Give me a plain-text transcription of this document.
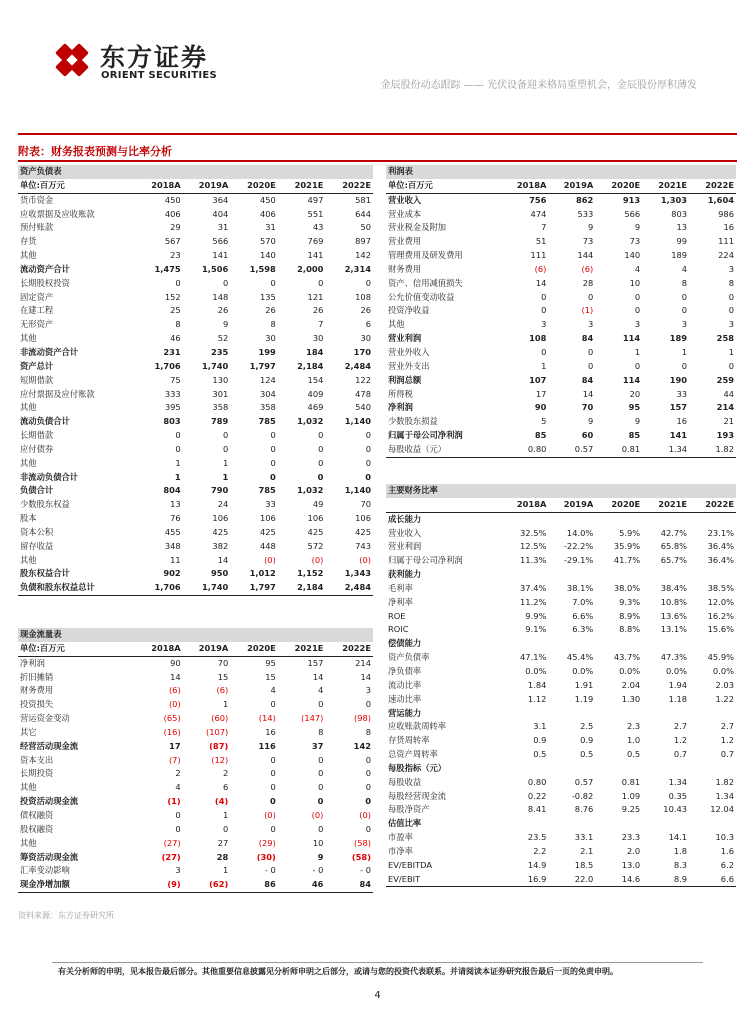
东方证券
ORIENT SECURITIES
金辰股份动态跟踪 —— 光伏设备迎来格局重塑机会，金辰股份厚积薄发
附表：财务报表预测与比率分析
资产负债表					
单位:百万元	2018A	2019A	2020E	2021E	2022E
货币资金	450	364	450	497	581
应收票据及应收账款	406	404	406	551	644
预付账款	29	31	31	43	50
存货	567	566	570	769	897
其他	23	141	140	141	142
流动资产合计	1,475	1,506	1,598	2,000	2,314
长期股权投资	0	0	0	0	0
固定资产	152	148	135	121	108
在建工程	25	26	26	26	26
无形资产	8	9	8	7	6
其他	46	52	30	30	30
非流动资产合计	231	235	199	184	170
资产总计	1,706	1,740	1,797	2,184	2,484
短期借款	75	130	124	154	122
应付票据及应付账款	333	301	304	409	478
其他	395	358	358	469	540
流动负债合计	803	789	785	1,032	1,140
长期借款	0	0	0	0	0
应付债券	0	0	0	0	0
其他	1	1	0	0	0
非流动负债合计	1	1	0	0	0
负债合计	804	790	785	1,032	1,140
少数股东权益	13	24	33	49	70
股本	76	106	106	106	106
资本公积	455	425	425	425	425
留存收益	348	382	448	572	743
其他	11	14	(0)	(0)	(0)
股东权益合计	902	950	1,012	1,152	1,343
负债和股东权益总计	1,706	1,740	1,797	2,184	2,484
现金流量表					
单位:百万元	2018A	2019A	2020E	2021E	2022E
净利润	90	70	95	157	214
折旧摊销	14	15	15	14	14
财务费用	(6)	(6)	4	4	3
投资损失	(0)	1	0	0	0
营运资金变动	(65)	(60)	(14)	(147)	(98)
其它	(16)	(107)	16	8	8
经营活动现金流	17	(87)	116	37	142
资本支出	(7)	(12)	0	0	0
长期投资	2	2	0	0	0
其他	4	6	0	0	0
投资活动现金流	(1)	(4)	0	0	0
债权融资	0	1	(0)	(0)	(0)
股权融资	0	0	0	0	0
其他	(27)	27	(29)	10	(58)
筹资活动现金流	(27)	28	(30)	9	(58)
汇率变动影响	3	1	- 0	- 0	- 0
现金净增加额	(9)	(62)	86	46	84
利润表					
单位:百万元	2018A	2019A	2020E	2021E	2022E
营业收入	756	862	913	1,303	1,604
营业成本	474	533	566	803	986
营业税金及附加	7	9	9	13	16
营业费用	51	73	73	99	111
管理费用及研发费用	111	144	140	189	224
财务费用	(6)	(6)	4	4	3
资产、信用减值损失	14	28	10	8	8
公允价值变动收益	0	0	0	0	0
投资净收益	0	(1)	0	0	0
其他	3	3	3	3	3
营业利润	108	84	114	189	258
营业外收入	0	0	1	1	1
营业外支出	1	0	0	0	0
利润总额	107	84	114	190	259
所得税	17	14	20	33	44
净利润	90	70	95	157	214
少数股东损益	5	9	9	16	21
归属于母公司净利润	85	60	85	141	193
每股收益（元）	0.80	0.57	0.81	1.34	1.82
主要财务比率					
	2018A	2019A	2020E	2021E	2022E
成长能力					
营业收入	32.5%	14.0%	5.9%	42.7%	23.1%
营业利润	12.5%	-22.2%	35.9%	65.8%	36.4%
归属于母公司净利润	11.3%	-29.1%	41.7%	65.7%	36.4%
获利能力					
毛利率	37.4%	38.1%	38.0%	38.4%	38.5%
净利率	11.2%	7.0%	9.3%	10.8%	12.0%
ROE	9.9%	6.6%	8.9%	13.6%	16.2%
ROIC	9.1%	6.3%	8.8%	13.1%	15.6%
偿债能力					
资产负债率	47.1%	45.4%	43.7%	47.3%	45.9%
净负债率	0.0%	0.0%	0.0%	0.0%	0.0%
流动比率	1.84	1.91	2.04	1.94	2.03
速动比率	1.12	1.19	1.30	1.18	1.22
营运能力					
应收账款周转率	3.1	2.5	2.3	2.7	2.7
存货周转率	0.9	0.9	1.0	1.2	1.2
总资产周转率	0.5	0.5	0.5	0.7	0.7
每股指标（元）					
每股收益	0.80	0.57	0.81	1.34	1.82
每股经营现金流	0.22	-0.82	1.09	0.35	1.34
每股净资产	8.41	8.76	9.25	10.43	12.04
估值比率					
市盈率	23.5	33.1	23.3	14.1	10.3
市净率	2.2	2.1	2.0	1.8	1.6
EV/EBITDA	14.9	18.5	13.0	8.3	6.2
EV/EBIT	16.9	22.0	14.6	8.9	6.6
资料来源：东方证券研究所
有关分析师的申明，见本报告最后部分。其他重要信息披露见分析师申明之后部分，或请与您的投资代表联系。并请阅读本证券研究报告最后一页的免责申明。
4
